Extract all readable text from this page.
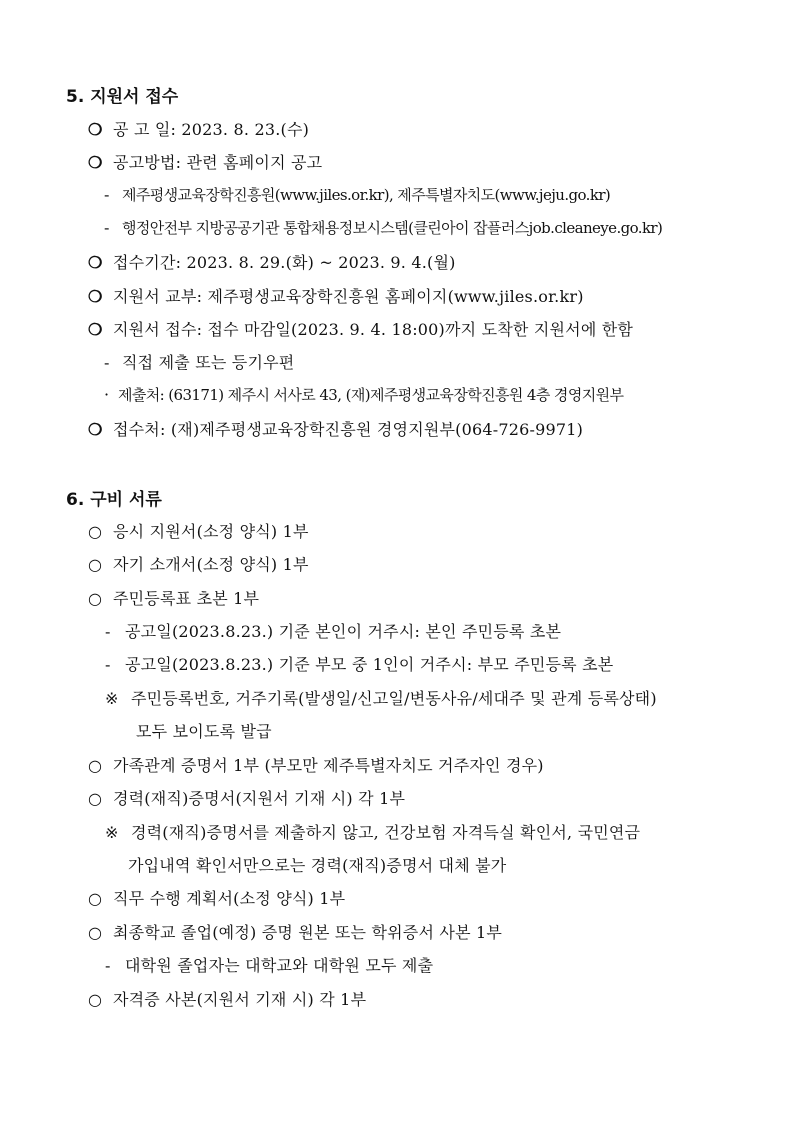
5. 지원서 접수
❍ 공 고 일: 2023. 8. 23.(수)
❍ 공고방법: 관련 홈페이지 공고
- 제주평생교육장학진흥원(www.jiles.or.kr), 제주특별자치도(www.jeju.go.kr)
- 행정안전부 지방공공기관 통합채용정보시스템(클린아이 잡플러스job.cleaneye.go.kr)
❍ 접수기간: 2023. 8. 29.(화) ~ 2023. 9. 4.(월)
❍ 지원서 교부: 제주평생교육장학진흥원 홈페이지(www.jiles.or.kr)
❍ 지원서 접수: 접수 마감일(2023. 9. 4. 18:00)까지 도착한 지원서에 한함
- 직접 제출 또는 등기우편
· 제출처: (63171) 제주시 서사로 43, (재)제주평생교육장학진흥원 4층 경영지원부
❍ 접수처: (재)제주평생교육장학진흥원 경영지원부(064-726-9971)
6. 구비 서류
○ 응시 지원서(소정 양식) 1부
○ 자기 소개서(소정 양식) 1부
○ 주민등록표 초본 1부
- 공고일(2023.8.23.) 기준 본인이 거주시: 본인 주민등록 초본
- 공고일(2023.8.23.) 기준 부모 중 1인이 거주시: 부모 주민등록 초본
※ 주민등록번호, 거주기록(발생일/신고일/변동사유/세대주 및 관계 등록상태)
모두 보이도록 발급
○ 가족관계 증명서 1부 (부모만 제주특별자치도 거주자인 경우)
○ 경력(재직)증명서(지원서 기재 시) 각 1부
※ 경력(재직)증명서를 제출하지 않고, 건강보험 자격득실 확인서, 국민연금
가입내역 확인서만으로는 경력(재직)증명서 대체 불가
○ 직무 수행 계획서(소정 양식) 1부
○ 최종학교 졸업(예정) 증명 원본 또는 학위증서 사본 1부
- 대학원 졸업자는 대학교와 대학원 모두 제출
○ 자격증 사본(지원서 기재 시) 각 1부
